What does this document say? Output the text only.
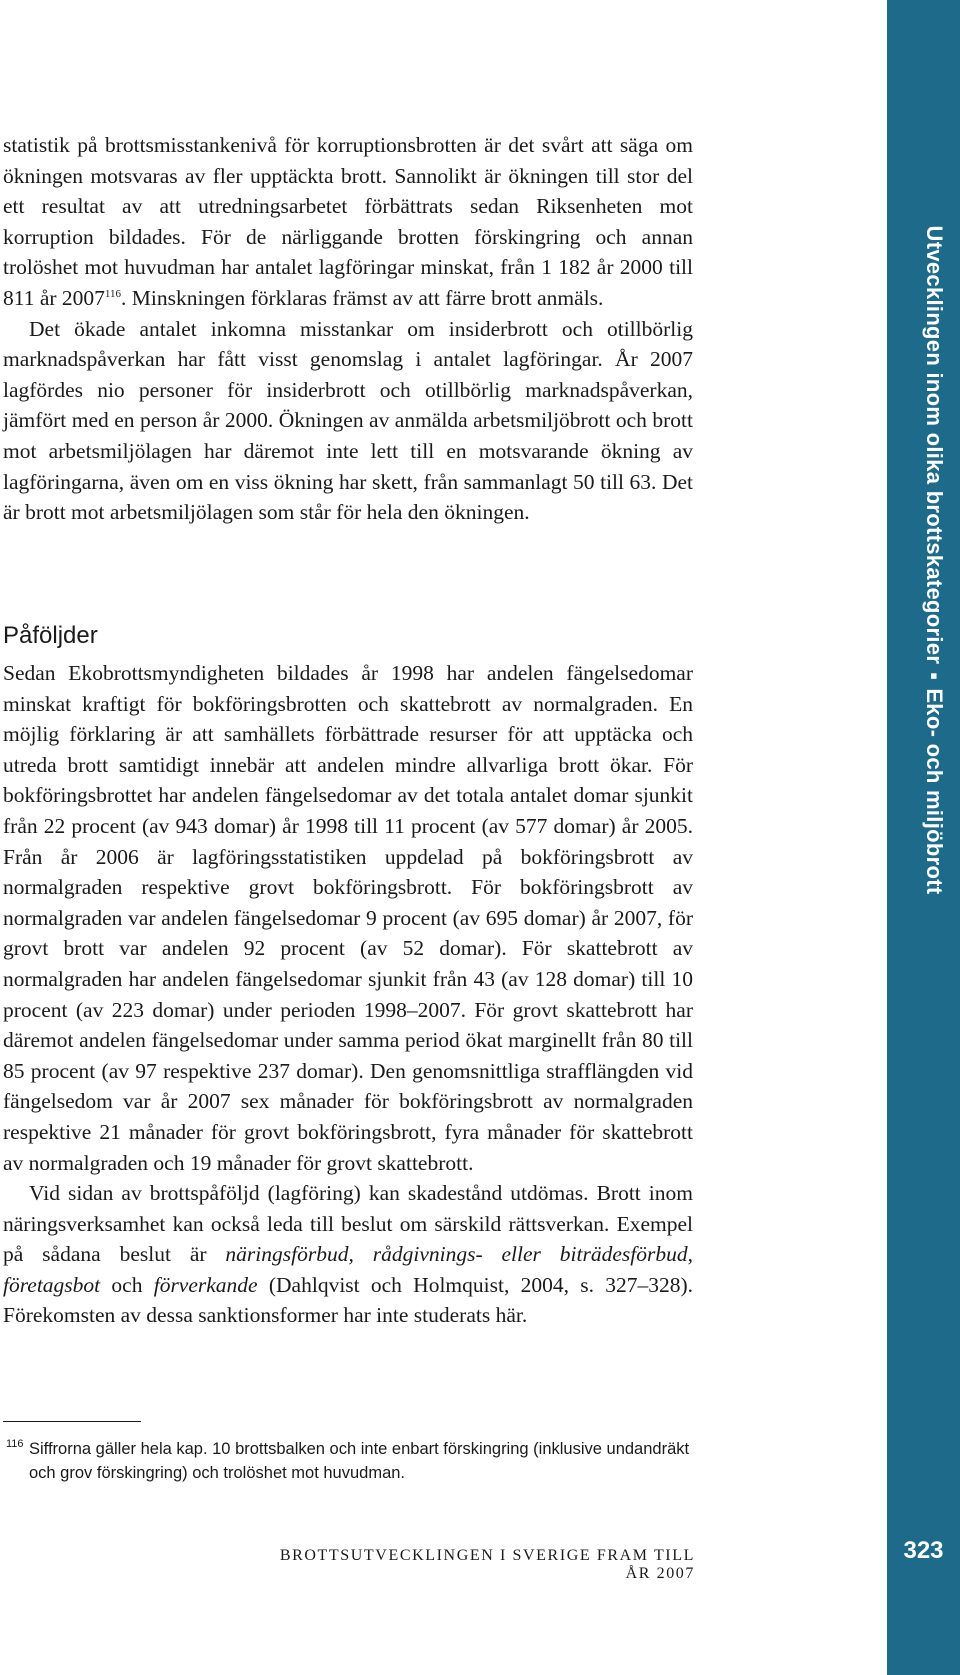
Utvecklingen inom olika brottskategorier▪Eko- och miljöbrott
323

statistik på brottsmisstankenivå för korruptionsbrotten är det svårt att säga om ökningen motsvaras av fler upptäckta brott. Sannolikt är ökningen till stor del ett resultat av att utredningsarbetet förbättrats sedan Riksenheten mot korruption bildades. För de närliggande brotten förskingring och annan trolöshet mot huvudman har antalet lagföringar minskat, från 1 182 år 2000 till 811 år 2007$^{116}$. Minskningen förklaras främst av att färre brott anmäls.

Det ökade antalet inkomna misstankar om insiderbrott och otillbörlig marknadspåverkan har fått visst genomslag i antalet lagföringar. År 2007 lagfördes nio personer för insiderbrott och otillbörlig marknadspåverkan, jämfört med en person år 2000. Ökningen av anmälda arbetsmiljöbrott och brott mot arbetsmiljölagen har däremot inte lett till en motsvarande ökning av lagföringarna, även om en viss ökning har skett, från sammanlagt 50 till 63. Det är brott mot arbetsmiljölagen som står för hela den ökningen.

Påföljder

Sedan Ekobrottsmyndigheten bildades år 1998 har andelen fängelsedomar minskat kraftigt för bokföringsbrotten och skattebrott av normalgraden. En möjlig förklaring är att samhällets förbättrade resurser för att upptäcka och utreda brott samtidigt innebär att andelen mindre allvarliga brott ökar. För bokföringsbrottet har andelen fängelsedomar av det totala antalet domar sjunkit från 22 procent (av 943 domar) år 1998 till 11 procent (av 577 domar) år 2005. Från år 2006 är lagföringsstatistiken uppdelad på bokföringsbrott av normalgraden respektive grovt bokföringsbrott. För bokföringsbrott av normalgraden var andelen fängelsedomar 9 procent (av 695 domar) år 2007, för grovt brott var andelen 92 procent (av 52 domar). För skattebrott av normalgraden har andelen fängelsedomar sjunkit från 43 (av 128 domar) till 10 procent (av 223 domar) under perioden 1998–2007. För grovt skattebrott har däremot andelen fängelsedomar under samma period ökat marginellt från 80 till 85 procent (av 97 respektive 237 domar). Den genomsnittliga strafflängden vid fängelsedom var år 2007 sex månader för bokföringsbrott av normalgraden respektive 21 månader för grovt bokföringsbrott, fyra månader för skattebrott av normalgraden och 19 månader för grovt skattebrott.

Vid sidan av brottspåföljd (lagföring) kan skadestånd utdömas. Brott inom näringsverksamhet kan också leda till beslut om särskild rättsverkan. Exempel på sådana beslut är näringsförbud, rådgivnings- eller biträdesförbud, företagsbot och förverkande (Dahlqvist och Holmquist, 2004, s. 327–328). Förekomsten av dessa sanktionsformer har inte studerats här.

116 Siffrorna gäller hela kap. 10 brottsbalken och inte enbart förskingring (inklusive undandräkt och grov förskingring) och trolöshet mot huvudman.
BROTTSUTVECKLINGEN I SVERIGE FRAM TILL ÅR 2007
